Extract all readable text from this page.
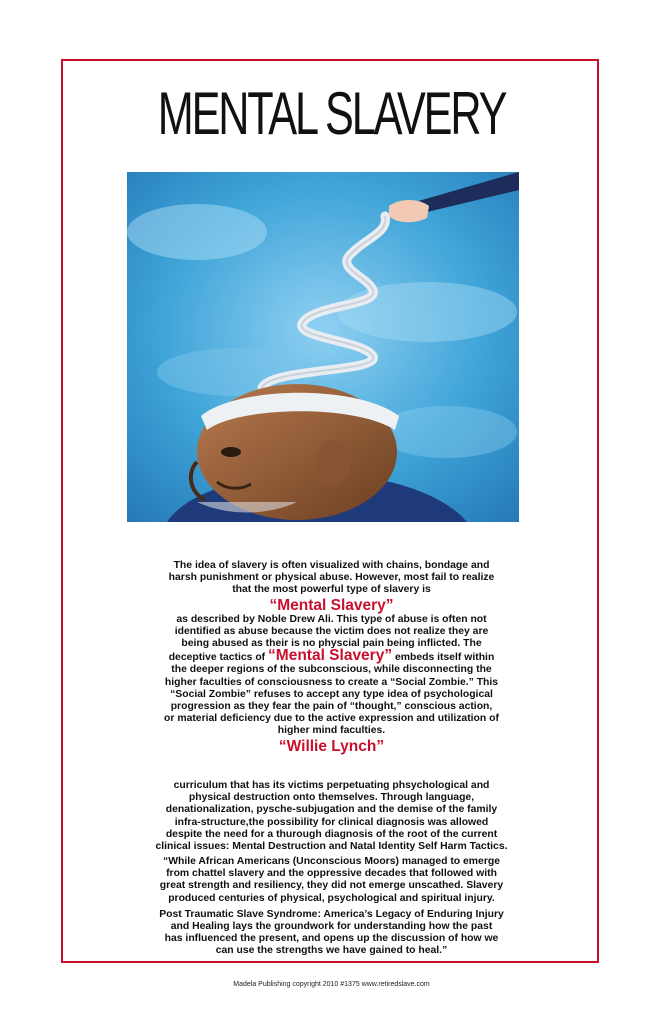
MENTAL SLAVERY

The idea of slavery is often visualized with chains, bondage and

harsh punishment or physical abuse. However, most fail to realize

that the most powerful type of slavery is

“Mental Slavery”

as described by Noble Drew Ali. This type of abuse is often not

identified as abuse because the victim does not realize they are

being abused as their is no physcial pain being inflicted. The

deceptive tactics of “Mental Slavery” embeds itself within

the deeper regions of the subconscious, while disconnecting the

higher faculties of consciousness to create a “Social Zombie.” This

“Social Zombie” refuses to accept any type idea of psychological

progression as they fear the pain of “thought,” conscious action,

or material deficiency due to the active expression and utilization of

higher mind faculties.

“Willie Lynch”

curriculum that has its victims perpetuating phsychological and

physical destruction onto themselves. Through language,

denationalization, pysche-subjugation and the demise of the family

infra-structure,the possibility for clinical diagnosis was allowed

despite the need for a thurough diagnosis of the root of the current

clinical issues: Mental Destruction and Natal Identity Self Harm Tactics.

“While African Americans (Unconscious Moors) managed to emerge

from chattel slavery and the oppressive decades that followed with

great strength and resiliency, they did not emerge unscathed. Slavery

produced centuries of physical, psychological and spiritual injury.

Post Traumatic Slave Syndrome: America’s Legacy of Enduring Injury

and Healing lays the groundwork for understanding how the past

has influenced the present, and opens up the discussion of how we

can use the strengths we have gained to heal.”

Madela Publishing copyright 2010 #1375 www.retiredslave.com
